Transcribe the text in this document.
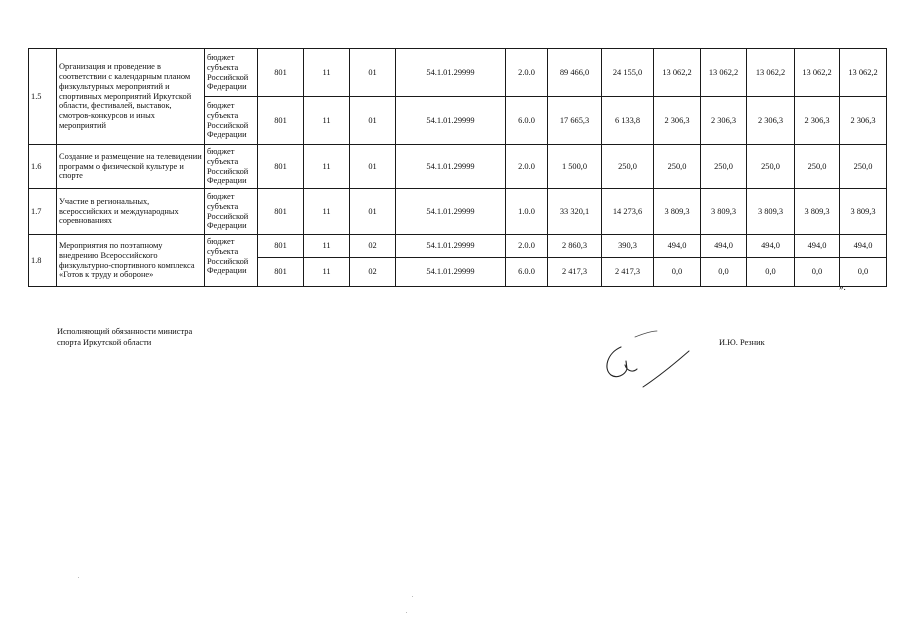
1.5	Организация и проведение в соответствии с календарным планом физкультурных мероприятий и спортивных мероприятий Иркутской области, фестивалей, выставок, смотров-конкурсов и иных мероприятий	бюджет субъекта Российской Федерации	801	11	01	54.1.01.29999	2.0.0	89 466,0	24 155,0	13 062,2	13 062,2	13 062,2	13 062,2	13 062,2
		бюджет субъекта Российской Федерации	801	11	01	54.1.01.29999	6.0.0	17 665,3	6 133,8	2 306,3	2 306,3	2 306,3	2 306,3	2 306,3
1.6	Создание и размещение на телевидении программ о физической культуре и спорте	бюджет субъекта Российской Федерации	801	11	01	54.1.01.29999	2.0.0	1 500,0	250,0	250,0	250,0	250,0	250,0	250,0
1.7	Участие в региональных, всероссийских и международных соревнованиях	бюджет субъекта Российской Федерации	801	11	01	54.1.01.29999	1.0.0	33 320,1	14 273,6	3 809,3	3 809,3	3 809,3	3 809,3	3 809,3
1.8	Мероприятия по поэтапному внедрению Всероссийского физкультурно-спортивного комплекса «Готов к труду и обороне»	бюджет субъекта Российской Федерации	801	11	02	54.1.01.29999	2.0.0	2 860,3	390,3	494,0	494,0	494,0	494,0	494,0
			801	11	02	54.1.01.29999	6.0.0	2 417,3	2 417,3	0,0	0,0	0,0	0,0	0,0
».
Исполняющий обязанности министра
спорта Иркутской области	И.Ю. Резник
